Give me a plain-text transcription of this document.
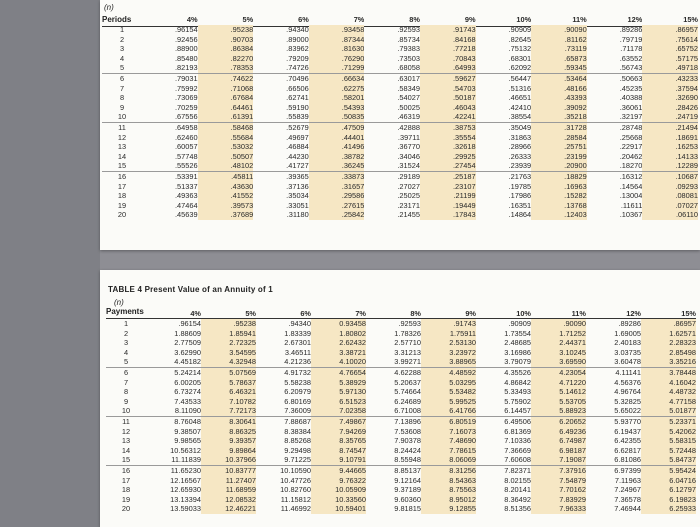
(n)
Periods
		4%	5%	6%	7%	8%	9%	10%	11%	12%	15%
1	.96154	.95238	.94340	.93458	.92593	.91743	.90909	.90090	.89286	.86957
2	.92456	.90703	.89000	.87344	.85734	.84168	.82645	.81162	.79719	.75614
3	.88900	.86384	.83962	.81630	.79383	.77218	.75132	.73119	.71178	.65752
4	.85480	.82270	.79209	.76290	.73503	.70843	.68301	.65873	.63552	.57175
5	.82193	.78353	.74726	.71299	.68058	.64993	.62092	.59345	.56743	.49718
6	.79031	.74622	.70496	.66634	.63017	.59627	.56447	.53464	.50663	.43233
7	.75992	.71068	.66506	.62275	.58349	.54703	.51316	.48166	.45235	.37594
8	.73069	.67684	.62741	.58201	.54027	.50187	.46651	.43393	.40388	.32690
9	.70259	.64461	.59190	.54393	.50025	.46043	.42410	.39092	.36061	.28426
10	.67556	.61391	.55839	.50835	.46319	.42241	.38554	.35218	.32197	.24719
11	.64958	.58468	.52679	.47509	.42888	.38753	.35049	.31728	.28748	.21494
12	.62460	.55684	.49697	.44401	.39711	.35554	.31863	.28584	.25668	.18691
13	.60057	.53032	.46884	.41496	.36770	.32618	.28966	.25751	.22917	.16253
14	.57748	.50507	.44230	.38782	.34046	.29925	.26333	.23199	.20462	.14133
15	.55526	.48102	.41727	.36245	.31524	.27454	.23939	.20900	.18270	.12289
16	.53391	.45811	.39365	.33873	.29189	.25187	.21763	.18829	.16312	.10687
17	.51337	.43630	.37136	.31657	.27027	.23107	.19785	.16963	.14564	.09293
18	.49363	.41552	.35034	.29586	.25025	.21199	.17986	.15282	.13004	.08081
19	.47464	.39573	.33051	.27615	.23171	.19449	.16351	.13768	.11611	.07027
20	.45639	.37689	.31180	.25842	.21455	.17843	.14864	.12403	.10367	.06110
TABLE 4 Present Value of an Annuity of 1
(n)
Payments
		4%	5%	6%	7%	8%	9%	10%	11%	12%	15%
1	.96154	.95238	.94340	0.93458	.92593	.91743	.90909	.90090	.89286	.86957
2	1.88609	1.85941	1.83339	1.80802	1.78326	1.75911	1.73554	1.71252	1.69005	1.62571
3	2.77509	2.72325	2.67301	2.62432	2.57710	2.53130	2.48685	2.44371	2.40183	2.28323
4	3.62990	3.54595	3.46511	3.38721	3.31213	3.23972	3.16986	3.10245	3.03735	2.85498
5	4.45182	4.32948	4.21236	4.10020	3.99271	3.88965	3.79079	3.69590	3.60478	3.35216
6	5.24214	5.07569	4.91732	4.76654	4.62288	4.48592	4.35526	4.23054	4.11141	3.78448
7	6.00205	5.78637	5.58238	5.38929	5.20637	5.03295	4.86842	4.71220	4.56376	4.16042
8	6.73274	6.46321	6.20979	5.97130	5.74664	5.53482	5.33493	5.14612	4.96764	4.48732
9	7.43533	7.10782	6.80169	6.51523	6.24689	5.99525	5.75902	5.53705	5.32825	4.77158
10	8.11090	7.72173	7.36009	7.02358	6.71008	6.41766	6.14457	5.88923	5.65022	5.01877
11	8.76048	8.30641	7.88687	7.49867	7.13896	6.80519	6.49506	6.20652	5.93770	5.23371
12	9.38507	8.86325	8.38384	7.94269	7.53608	7.16073	6.81369	6.49236	6.19437	5.42062
13	9.98565	9.39357	8.85268	8.35765	7.90378	7.48690	7.10336	6.74987	6.42355	5.58315
14	10.56312	9.89864	9.29498	8.74547	8.24424	7.78615	7.36669	6.98187	6.62817	5.72448
15	11.11839	10.37966	9.71225	9.10791	8.55948	8.06069	7.60608	7.19087	6.81086	5.84737
16	11.65230	10.83777	10.10590	9.44665	8.85137	8.31256	7.82371	7.37916	6.97399	5.95424
17	12.16567	11.27407	10.47726	9.76322	9.12164	8.54363	8.02155	7.54879	7.11963	6.04716
18	12.65930	11.68959	10.82760	10.05909	9.37189	8.75563	8.20141	7.70162	7.24967	6.12797
19	13.13394	12.08532	11.15812	10.33560	9.60360	8.95012	8.36492	7.83929	7.36578	6.19823
20	13.59033	12.46221	11.46992	10.59401	9.81815	9.12855	8.51356	7.96333	7.46944	6.25933
